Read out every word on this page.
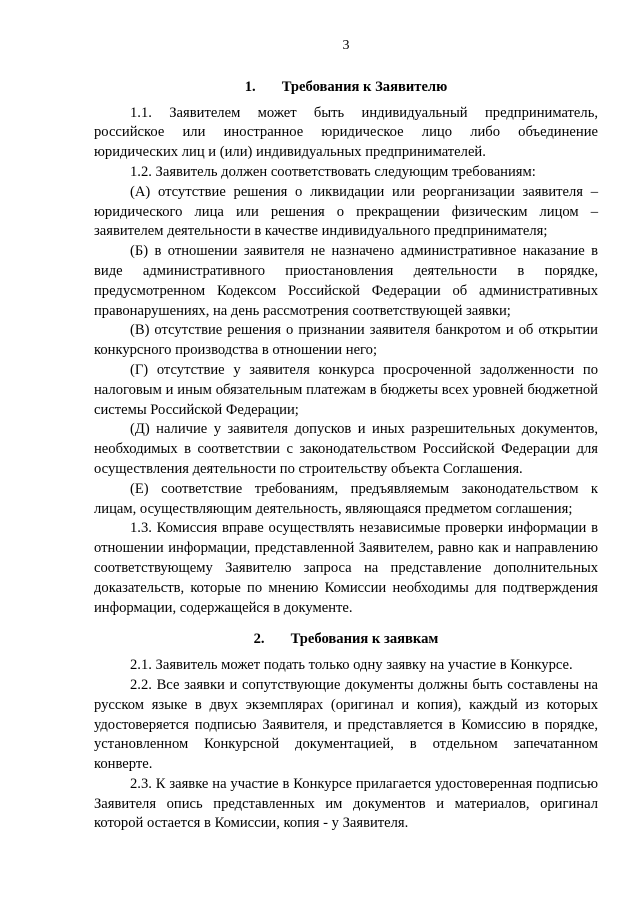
3
1. Требования к Заявителю

1.1. Заявителем может быть индивидуальный предприниматель, российское или иностранное юридическое лицо либо объединение юридических лиц и (или) индивидуальных предпринимателей.

1.2. Заявитель должен соответствовать следующим требованиям:

(А) отсутствие решения о ликвидации или реорганизации заявителя – юридического лица или решения о прекращении физическим лицом – заявителем деятельности в качестве индивидуального предпринимателя;

(Б) в отношении заявителя не назначено административное наказание в виде административного приостановления деятельности в порядке, предусмотренном Кодексом Российской Федерации об административных правонарушениях, на день рассмотрения соответствующей заявки;

(В) отсутствие решения о признании заявителя банкротом и об открытии конкурсного производства в отношении него;

(Г) отсутствие у заявителя конкурса просроченной задолженности по налоговым и иным обязательным платежам в бюджеты всех уровней бюджетной системы Российской Федерации;

(Д) наличие у заявителя допусков и иных разрешительных документов, необходимых в соответствии с законодательством Российской Федерации для осуществления деятельности по строительству объекта Соглашения.

(Е) соответствие требованиям, предъявляемым законодательством к лицам, осуществляющим деятельность, являющаяся предметом соглашения;

1.3. Комиссия вправе осуществлять независимые проверки информации в отношении информации, представленной Заявителем, равно как и направлению соответствующему Заявителю запроса на представление дополнительных доказательств, которые по мнению Комиссии необходимы для подтверждения информации, содержащейся в документе.

2. Требования к заявкам

2.1. Заявитель может подать только одну заявку на участие в Конкурсе.

2.2. Все заявки и сопутствующие документы должны быть составлены на русском языке в двух экземплярах (оригинал и копия), каждый из которых удостоверяется подписью Заявителя, и представляется в Комиссию в порядке, установленном Конкурсной документацией, в отдельном запечатанном конверте.

2.3. К заявке на участие в Конкурсе прилагается удостоверенная подписью Заявителя опись представленных им документов и материалов, оригинал которой остается в Комиссии, копия - у Заявителя.
